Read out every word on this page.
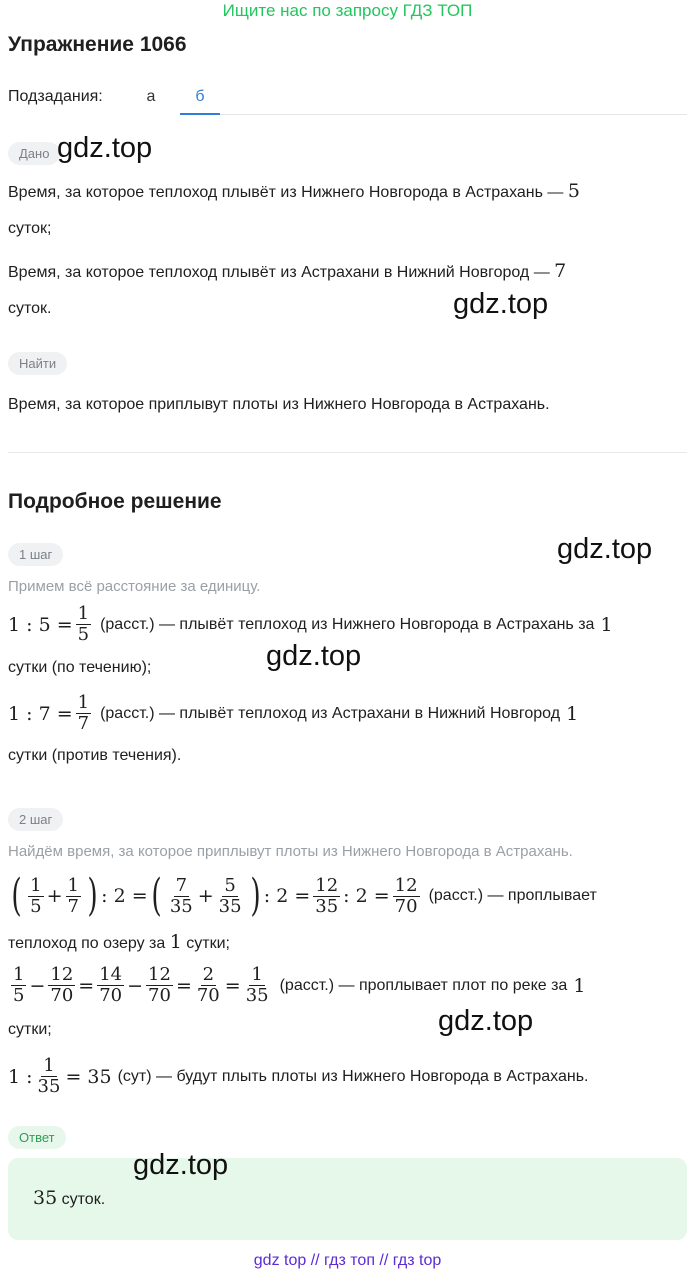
Ищите нас по запросу ГДЗ ТОП
Упражнение 1066
Подзадания:	а	б
Дано
Время, за которое теплоход плывёт из Нижнего Новгорода в Астрахань — 5
суток;
Время, за которое теплоход плывёт из Астрахани в Нижний Новгород — 7
суток.
Найти
Время, за которое приплывут плоты из Нижнего Новгорода в Астрахань.
Подробное решение
1 шаг
Примем всё расстояние за единицу.
1 : $5 = \frac{1}{5}$ (расст.) — плывёт теплоход из Нижнего Новгорода в Астрахань за 1
сутки (по течению);
1 : $7 = \frac{1}{7}$ (расст.) — плывёт теплоход из Астрахани в Нижний Новгород 1
сутки (против течения).
2 шаг
Найдём время, за которое приплывут плоты из Нижнего Новгорода в Астрахань.
( $\frac{1}{5} + \frac{1}{7}$ ) : 2 = ( $\frac{7}{35} + \frac{5}{35}$ ) : $2 = \frac{12}{35}$ : $2 = \frac{12}{70}$ (расст.) — проплывает
теплоход по озеру за 1 сутки;
$\frac{1}{5} - \frac{12}{70} = \frac{14}{70} - \frac{12}{70} = \frac{2}{70} = \frac{1}{35}$ (расст.) — проплывает плот по реке за 1
сутки;
1 : $\frac{1}{35} = 35$ (сут) — будут плыть плоты из Нижнего Новгорода в Астрахань.
Ответ
35 суток.
gdz.top
gdz.top
gdz.top
gdz.top
gdz.top
gdz.top
gdz top // гдз топ // гдз top
